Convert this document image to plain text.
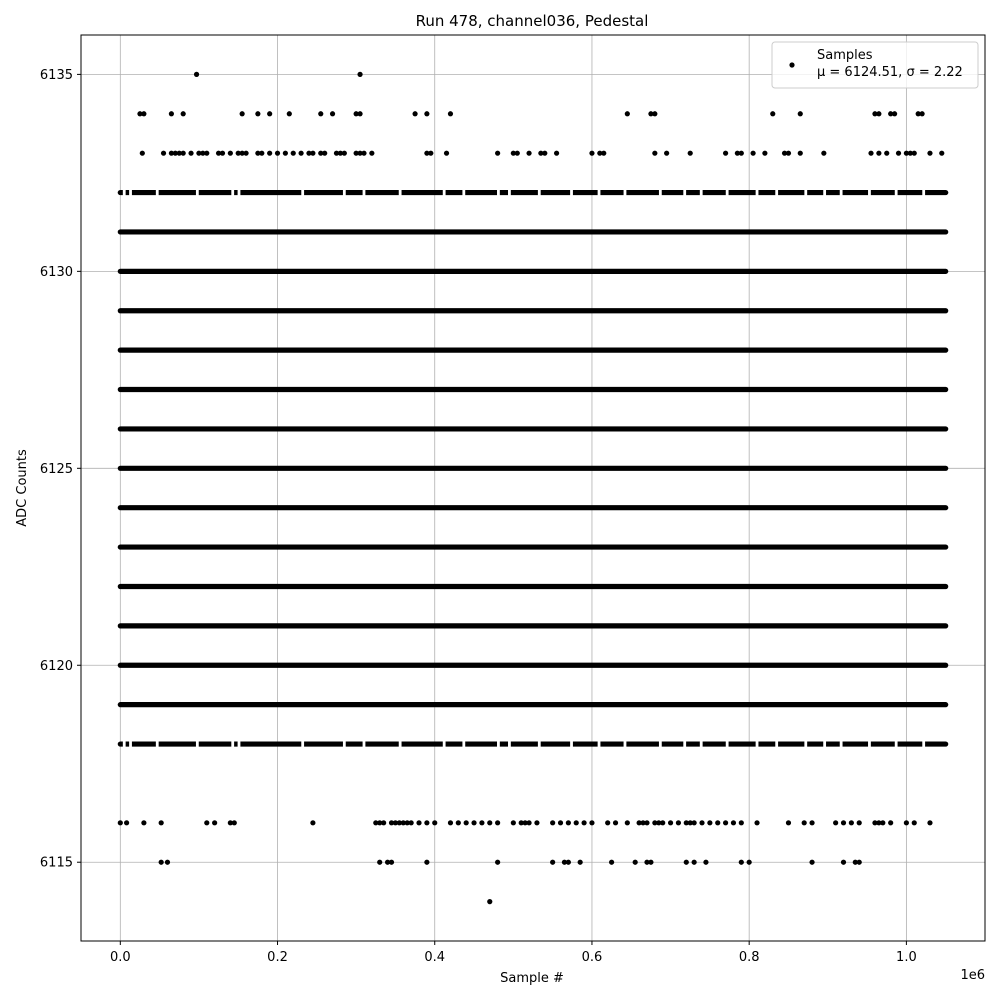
0.0	0.2	0.4	0.6	0.8	1.0
6115
6120
6125
6130
6135
Run 478, channel036, Pedestal
Sample #
ADC Counts
1e6
Samples
μ = 6124.51, σ = 2.22
